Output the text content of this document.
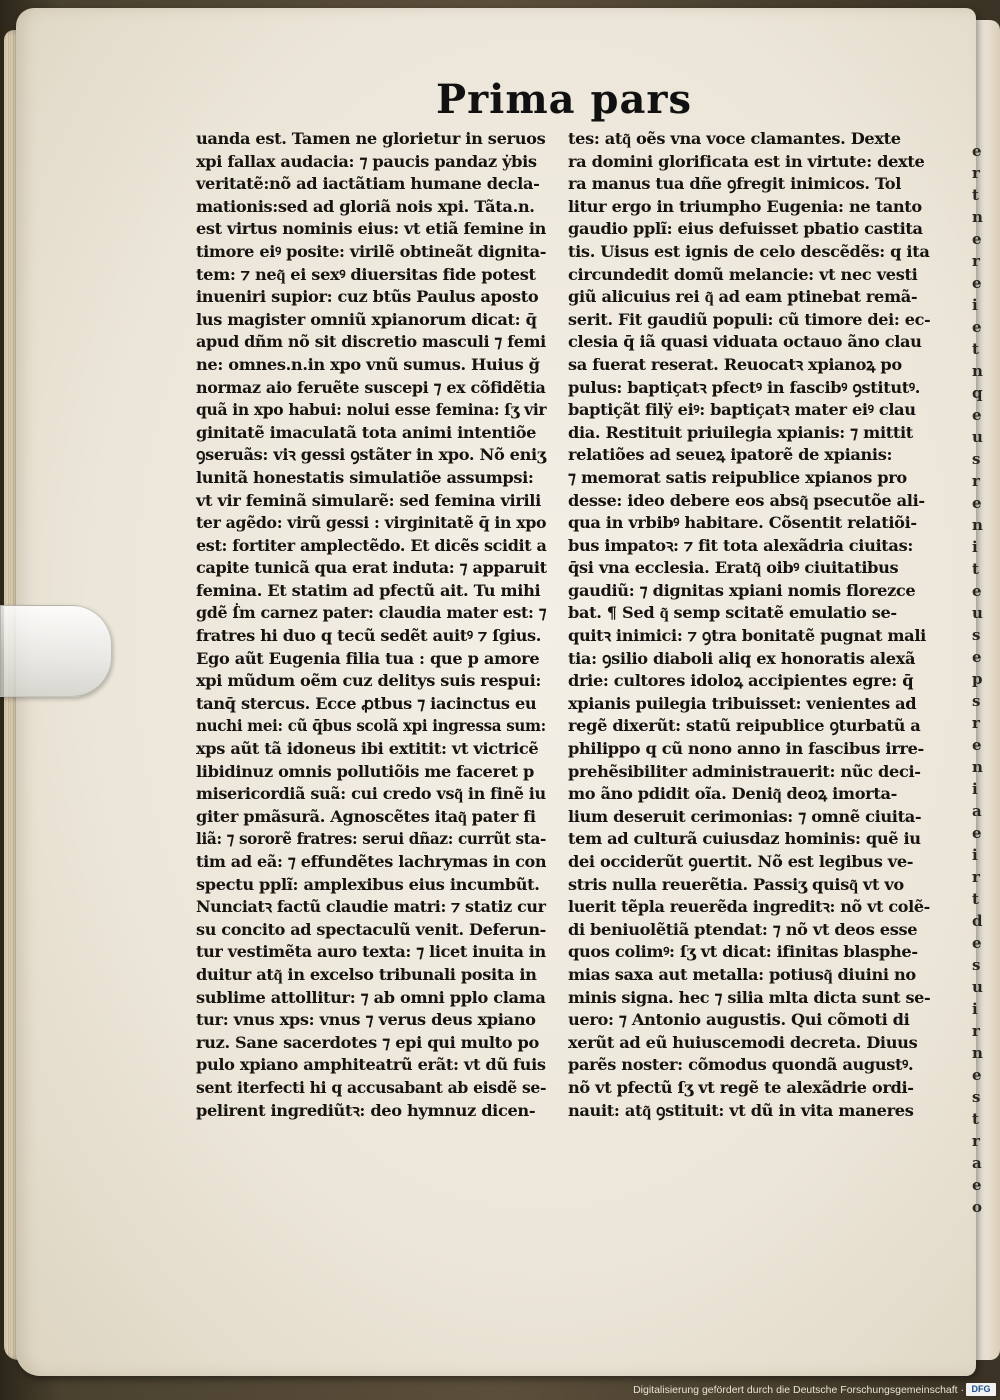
Prima pars
uanda est. Tamen ne glorietur in seruos
xpi fallax audacia: ⁊ paucis pandaz ẏbis
veritatẽ:nõ ad iactãtiam humane decla-
mationis:sed ad gloriã nois xpi. Tãta.n.
est virtus nominis eius: vt etiã femine in
timore eiꝰ posite: virilẽ obtineãt dignita-
tem: ⁊ neq͂ ei sexꝰ diuersitas fide potest
inueniri supior: cuz btũs Paulus aposto
lus magister omniũ xpianorum dicat: q̄
apud dñm nõ sit discretio masculi ⁊ femi
ne: omnes.n.in xpo vnũ sumus. Huius ğ
normaz aio feruẽte suscepi ⁊ ex cõfidẽtia
quã in xpo habui: nolui esse femina: ſʒ vir
ginitatẽ imaculatã tota animi intentiõe
ꝯseruãs: viꝛ gessi ꝯstãter in xpo. Nõ eniʒ
lunitã honestatis simulatiõe assumpsi:
vt vir feminã simularẽ: sed femina virili
ter agẽdo: virũ gessi : virginitatẽ q̄ in xpo
est: fortiter amplectẽdo. Et dicẽs scidit a
capite tunicã qua erat induta: ⁊ apparuit
femina. Et statim ad pfectũ ait. Tu mihi
gdẽ ẛm carnez pater: claudia mater est: ⁊
fratres hi duo q tecũ sedẽt auitꝰ ⁊ ſgius.
Ego aũt Eugenia filia tua : que p amore
xpi mũdum oẽm cuz delitys suis respui:
tanq̄ stercus. Ecce ꝓtbus ⁊ iacinctus eu
nuchi mei: cũ q̄bus scolã xpi ingressa sum:
xps aũt tã idoneus ibi extitit: vt victricẽ
libidinuz omnis pollutiõis me faceret p
misericordiã suã: cui credo vsq͂ in finẽ iu
giter pmãsurã. Agnoscẽtes itaq͂ pater fi
liã: ⁊ sororẽ fratres: serui dñaz: currũt sta-
tim ad eã: ⁊ effundẽtes lachrymas in con
spectu pplĩ: amplexibus eius incumbũt.
Nunciatꝛ factũ claudie matri: ⁊ statiz cur
su concito ad spectaculũ venit. Deferun-
tur vestimẽta auro texta: ⁊ licet inuita in
duitur atq͂ in excelso tribunali posita in
sublime attollitur: ⁊ ab omni pplo clama
tur: vnus xps: vnus ⁊ verus deus xpiano
ruz. Sane sacerdotes ⁊ epi qui multo po
pulo xpiano amphiteatrũ erãt: vt dũ fuis
sent iterfecti hi q accusabant ab eisdẽ se-
pelirent ingrediũtꝛ: deo hymnuz dicen-
tes: atq͂ oẽs vna voce clamantes. Dexte
ra domini glorificata est in virtute: dexte
ra manus tua dñe ꝯfregit inimicos. Tol
litur ergo in triumpho Eugenia: ne tanto
gaudio pplĩ: eius defuisset pbatio castita
tis. Uisus est ignis de celo descẽdẽs: q ita
circundedit domũ melancie: vt nec vesti
giũ alicuius rei q͂ ad eam ptinebat remã-
serit. Fit gaudiũ populi: cũ timore dei: ec-
clesia q̄ iã quasi viduata octauo ãno clau
sa fuerat reserat. Reuocatꝛ xpianoꝝ po
pulus: baptiçatꝛ pfectꝰ in fascibꝰ ꝯstitutꝰ.
baptiçãt filÿ eiꝰ: baptiçatꝛ mater eiꝰ clau
dia. Restituit priuilegia xpianis: ⁊ mittit
relatiões ad seueꝝ ipatorẽ de xpianis:
⁊ memorat satis reipublice xpianos pro
desse: ideo debere eos absq͂ psecutõe ali-
qua in vrbibꝰ habitare. Cõsentit relatiõi-
bus impatoꝛ: ⁊ fit tota alexãdria ciuitas:
q̄si vna ecclesia. Eratq͂ oibꝰ ciuitatibus
gaudiũ: ⁊ dignitas xpiani nomis florezce
bat. ¶ Sed q͂ semp scitatẽ emulatio se-
quitꝛ inimici: ⁊ ꝯtra bonitatẽ pugnat mali
tia: ꝯsilio diaboli aliq ex honoratis alexã
drie: cultores idoloꝝ accipientes egre: q̄
xpianis puilegia tribuisset: venientes ad
regẽ dixerũt: statũ reipublice ꝯturbatũ a
philippo q cũ nono anno in fascibus irre-
prehẽsibiliter administrauerit: nũc deci-
mo ãno pdidit oĩa. Deniq͂ deoꝝ imorta-
lium deseruit cerimonias: ⁊ omnẽ ciuita-
tem ad culturã cuiusdaz hominis: quẽ iu
dei occiderũt ꝯuertit. Nõ est legibus ve-
stris nulla reuerẽtia. Passiʒ quisq͂ vt vo
luerit tẽpla reuerẽda ingreditꝛ: nõ vt colẽ-
di beniuolẽtiã ptendat: ⁊ nõ vt deos esse
quos colimꝰ: ſʒ vt dicat: ifinitas blasphe-
mias saxa aut metalla: potiusq͂ diuini no
minis signa. hec ⁊ silia mlta dicta sunt se-
uero: ⁊ Antonio augustis. Qui cõmoti di
xerũt ad eũ huiuscemodi decreta. Diuus
parẽs noster: cõmodus quondã augustꝰ.
nõ vt pfectũ ſʒ vt regẽ te alexãdrie ordi-
nauit: atq͂ ꝯstituit: vt dũ in vita maneres
e
r
t
n
e
r
e
i
e
t
n
q
e
u
s
r
e
n
i
t
e
u
s
e
p
s
r
e
n
i
a
e
i
r
t
d
e
s
u
i
r
n
e
s
t
r
a
e
o
Digitalisierung gefördert durch die Deutsche Forschungsgemeinschaft · DFG
